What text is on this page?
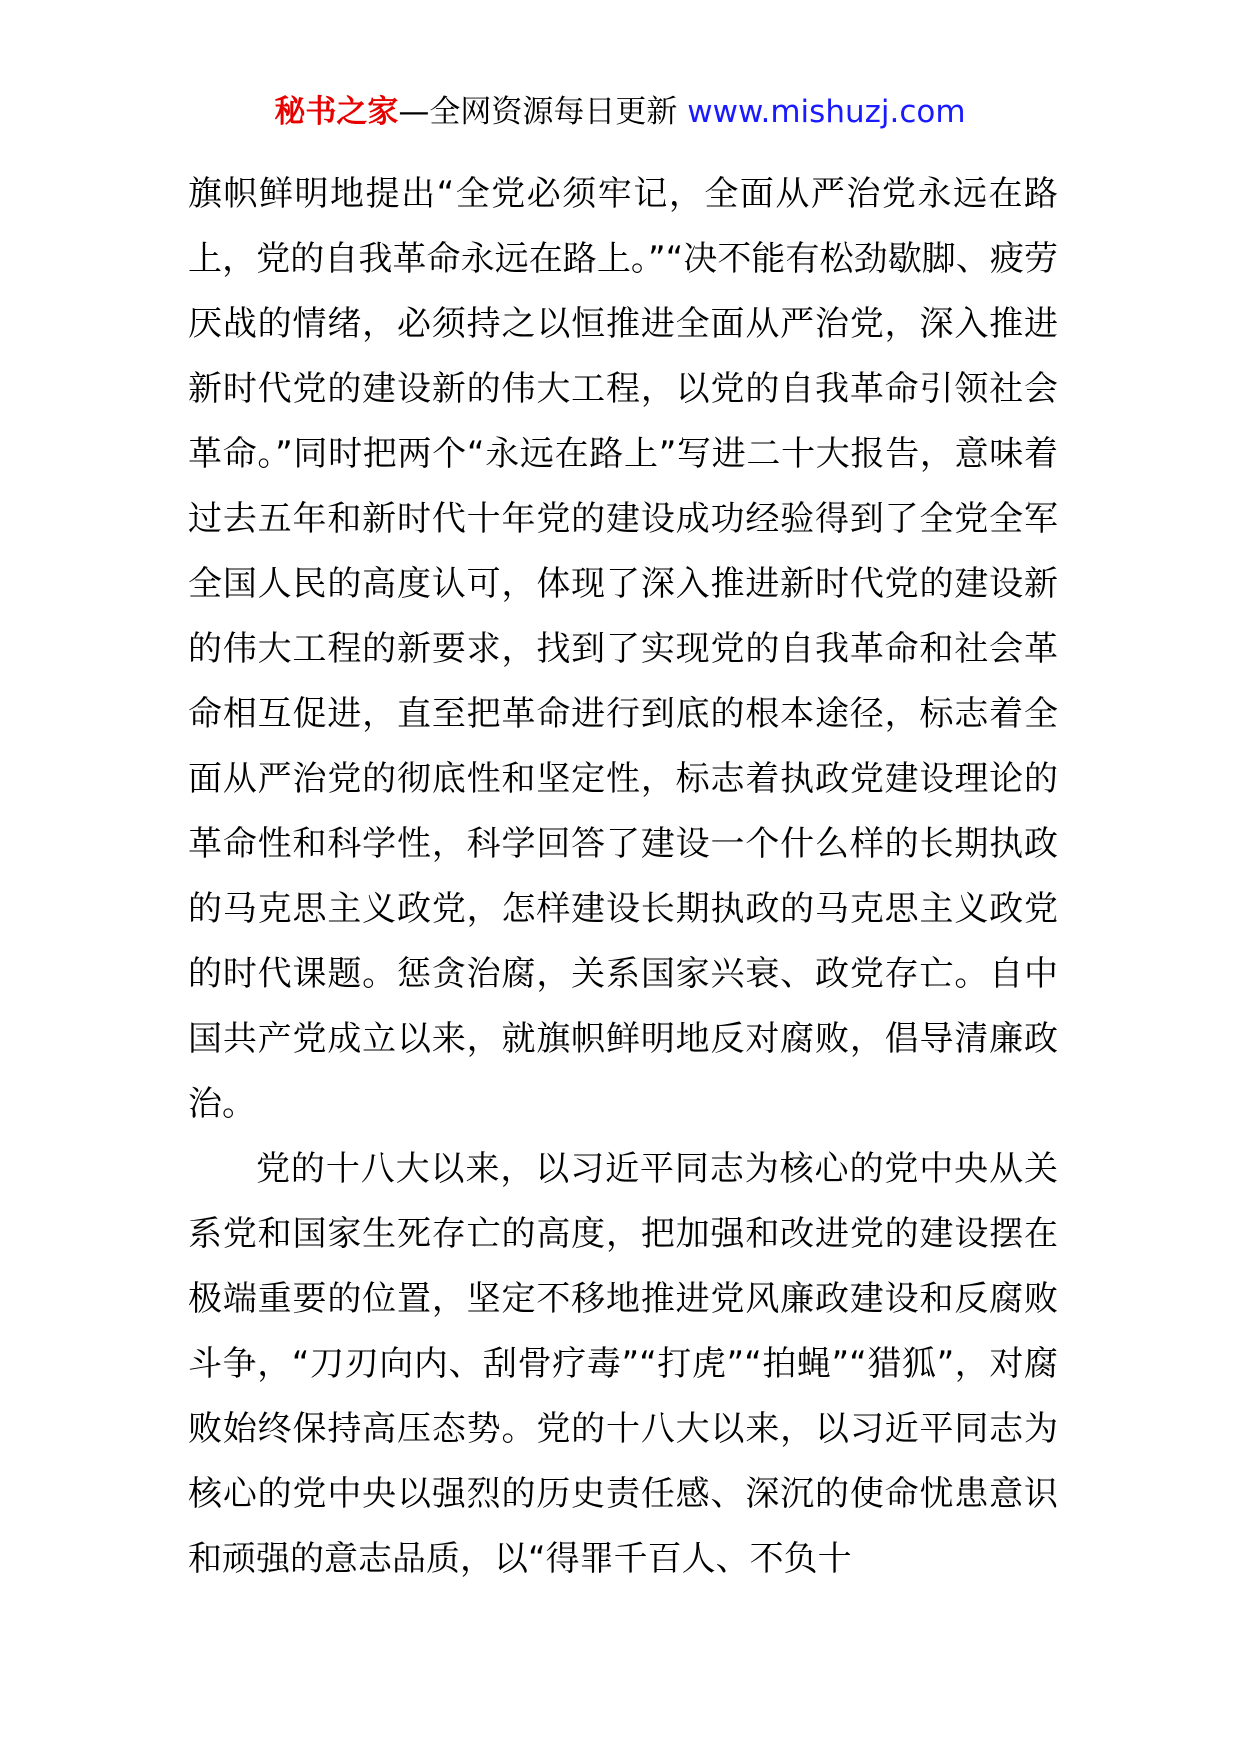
秘书之家—全网资源每日更新 www.mishuzj.com

旗帜鲜明地提出“全党必须牢记，全面从严治党永远在路上，党的自我革命永远在路上。”“决不能有松劲歇脚、疲劳厌战的情绪，必须持之以恒推进全面从严治党，深入推进新时代党的建设新的伟大工程，以党的自我革命引领社会革命。”同时把两个“永远在路上”写进二十大报告，意味着过去五年和新时代十年党的建设成功经验得到了全党全军全国人民的高度认可，体现了深入推进新时代党的建设新的伟大工程的新要求，找到了实现党的自我革命和社会革命相互促进，直至把革命进行到底的根本途径，标志着全面从严治党的彻底性和坚定性，标志着执政党建设理论的革命性和科学性，科学回答了建设一个什么样的长期执政的马克思主义政党，怎样建设长期执政的马克思主义政党的时代课题。惩贪治腐，关系国家兴衰、政党存亡。自中国共产党成立以来，就旗帜鲜明地反对腐败，倡导清廉政治。

党的十八大以来，以习近平同志为核心的党中央从关系党和国家生死存亡的高度，把加强和改进党的建设摆在极端重要的位置，坚定不移地推进党风廉政建设和反腐败斗争，“刀刃向内、刮骨疗毒”“打虎”“拍蝇”“猎狐”，对腐败始终保持高压态势。党的十八大以来，以习近平同志为核心的党中央以强烈的历史责任感、深沉的使命忧患意识和顽强的意志品质，以“得罪千百人、不负十
